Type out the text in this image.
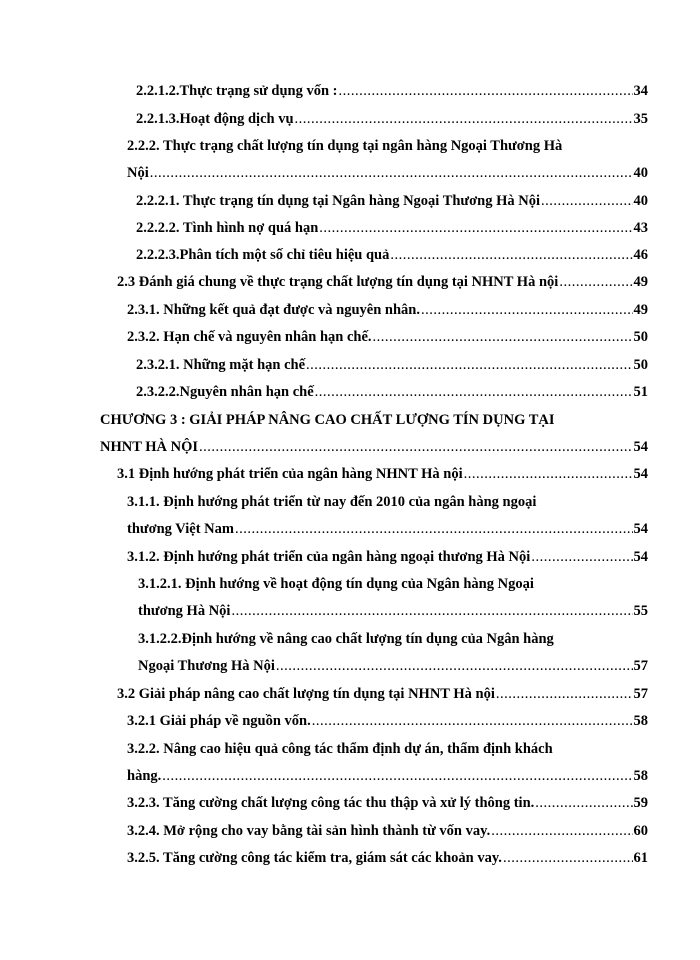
2.2.1.2.Thực trạng sử dụng vốn : .....	34
2.2.1.3.Hoạt động dịch vụ .....	35
2.2.2. Thực trạng chất lượng tín dụng tại ngân hàng Ngoại Thương Hà
Nội .....	40
2.2.2.1. Thực trạng tín dụng tại Ngân hàng Ngoại Thương Hà Nội .....	40
2.2.2.2. Tình hình nợ quá hạn .....	43
2.2.2.3.Phân tích một số chỉ tiêu hiệu quả .....	46
2.3 Đánh giá chung về thực trạng chất lượng tín dụng tại NHNT Hà nội .....	49
2.3.1. Những kết quả đạt được và nguyên nhân. .....	49
2.3.2. Hạn chế và nguyên nhân hạn chế. .....	50
2.3.2.1. Những mặt hạn chế .....	50
2.3.2.2.Nguyên nhân hạn chế .....	51
CHƯƠNG 3 : GIẢI PHÁP NÂNG CAO CHẤT LƯỢNG TÍN DỤNG TẠI
NHNT HÀ NỘI .....	54
3.1 Định hướng phát triển của ngân hàng NHNT Hà nội .....	54
3.1.1. Định hướng phát triển từ nay đến 2010 của ngân hàng ngoại
thương Việt Nam .....	54
3.1.2. Định hướng phát triển của ngân hàng ngoại thương Hà Nội .....	54
3.1.2.1. Định hướng về hoạt động tín dụng của Ngân hàng Ngoại
thương Hà Nội .....	55
3.1.2.2.Định hướng về nâng cao chất lượng tín dụng của Ngân hàng
Ngoại Thương Hà Nội .....	57
3.2 Giải pháp nâng cao chất lượng tín dụng tại NHNT Hà nội .....	57
3.2.1 Giải pháp về nguồn vốn. .....	58
3.2.2. Nâng cao hiệu quả công tác thẩm định dự án, thẩm định khách
hàng. .....	58
3.2.3. Tăng cường chất lượng công tác thu thập và xử lý thông tin. .....	59
3.2.4. Mở rộng cho vay bằng tài sản hình thành từ vốn vay. .....	60
3.2.5. Tăng cường công tác kiểm tra, giám sát các khoản vay. .....	61
